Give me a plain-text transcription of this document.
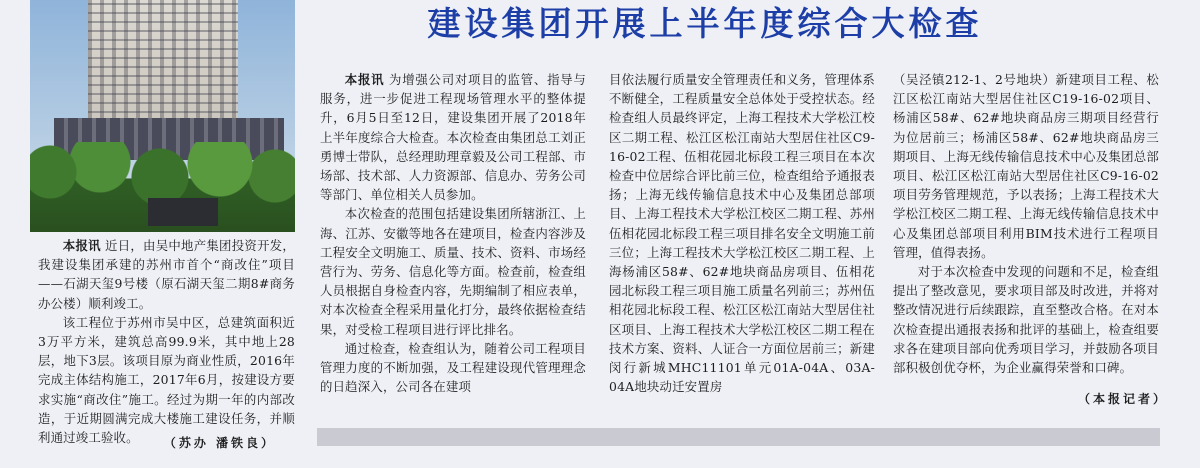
建设集团开展上半年度综合大检查

本报讯 近日，由吴中地产集团投资开发，我建设集团承建的苏州市首个“商改住”项目——石湖天玺9号楼（原石湖天玺二期8#商务办公楼）顺利竣工。

该工程位于苏州市吴中区，总建筑面积近3万平方米，建筑总高99.9米，其中地上28层，地下3层。该项目原为商业性质，2016年完成主体结构施工，2017年6月，按建设方要求实施“商改住”施工。经过为期一年的内部改造，于近期圆满完成大楼施工建设任务，并顺利通过竣工验收。	（苏办 潘铁良）

本报讯 为增强公司对项目的监管、指导与服务，进一步促进工程现场管理水平的整体提升，6月5日至12日，建设集团开展了2018年上半年度综合大检查。本次检查由集团总工刘正勇博士带队，总经理助理章毅及公司工程部、市场部、技术部、人力资源部、信息办、劳务公司等部门、单位相关人员参加。

本次检查的范围包括建设集团所辖浙江、上海、江苏、安徽等地各在建项目，检查内容涉及工程安全文明施工、质量、技术、资料、市场经营行为、劳务、信息化等方面。检查前，检查组人员根据自身检查内容，先期编制了相应表单，对本次检查全程采用量化打分，最终依据检查结果，对受检工程项目进行评比排名。

通过检查，检查组认为，随着公司工程项目管理力度的不断加强，及工程建设现代管理理念的日趋深入，公司各在建项

目依法履行质量安全管理责任和义务，管理体系不断健全，工程质量安全总体处于受控状态。经检查组人员最终评定，上海工程技术大学松江校区二期工程、松江区松江南站大型居住社区C9-16-02工程、伍相花园北标段工程三项目在本次检查中位居综合评比前三位，检查组给予通报表扬；上海无线传输信息技术中心及集团总部项目、上海工程技术大学松江校区二期工程、苏州伍相花园北标段工程三项目排名安全文明施工前三位；上海工程技术大学松江校区二期工程、上海杨浦区58#、62#地块商品房项目、伍相花园北标段工程三项目施工质量名列前三；苏州伍相花园北标段工程、松江区松江南站大型居住社区项目、上海工程技术大学松江校区二期工程在技术方案、资料、人证合一方面位居前三；新建闵行新城MHC11101单元01A-04A、03A-04A地块动迁安置房
（吴泾镇212-1、2号地块）新建项目工程、松江区松江南站大型居住社区C19-16-02项目、杨浦区58#、62#地块商品房三期项目经营行为位居前三；杨浦区58#、62#地块商品房三期项目、上海无线传输信息技术中心及集团总部项目、松江区松江南站大型居住社区C9-16-02项目劳务管理规范，予以表扬；上海工程技术大学松江校区二期工程、上海无线传输信息技术中心及集团总部项目利用BIM技术进行工程项目管理，值得表扬。

对于本次检查中发现的问题和不足，检查组提出了整改意见，要求项目部及时改进，并将对整改情况进行后续跟踪，直至整改合格。在对本次检查提出通报表扬和批评的基础上，检查组要求各在建项目部向优秀项目学习，并鼓励各项目部积极创优夺杯，为企业赢得荣誉和口碑。

（本报记者）
